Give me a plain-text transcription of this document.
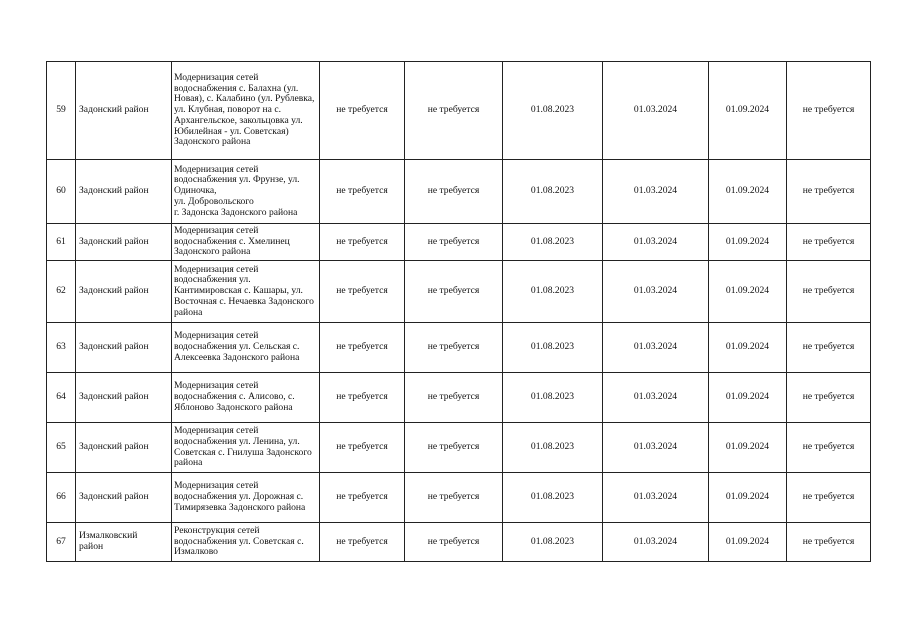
59	Задонский район	Модернизация сетей водоснабжения с. Балахна (ул. Новая), с. Калабино (ул. Рублевка, ул. Клубная, поворот на с. Архангельское, закольцовка ул. Юбилейная - ул. Советская) Задонского района	не требуется	не требуется	01.08.2023	01.03.2024	01.09.2024	не требуется
60	Задонский район	Модернизация сетей водоснабжения ул. Фрунзе, ул. Одиночка,
ул. Добровольского
г. Задонска Задонского района	не требуется	не требуется	01.08.2023	01.03.2024	01.09.2024	не требуется
61	Задонский район	Модернизация сетей водоснабжения с. Хмелинец Задонского района	не требуется	не требуется	01.08.2023	01.03.2024	01.09.2024	не требуется
62	Задонский район	Модернизация сетей водоснабжения ул. Кантимировская с. Кашары, ул. Восточная с. Нечаевка Задонского района	не требуется	не требуется	01.08.2023	01.03.2024	01.09.2024	не требуется
63	Задонский район	Модернизация сетей водоснабжения ул. Сельская с. Алексеевка Задонского района	не требуется	не требуется	01.08.2023	01.03.2024	01.09.2024	не требуется
64	Задонский район	Модернизация сетей водоснабжения с. Алисово, с. Яблоново Задонского района	не требуется	не требуется	01.08.2023	01.03.2024	01.09.2024	не требуется
65	Задонский район	Модернизация сетей водоснабжения ул. Ленина, ул. Советская с. Гнилуша Задонского района	не требуется	не требуется	01.08.2023	01.03.2024	01.09.2024	не требуется
66	Задонский район	Модернизация сетей водоснабжения ул. Дорожная с. Тимирязевка Задонского района	не требуется	не требуется	01.08.2023	01.03.2024	01.09.2024	не требуется
67	Измалковский
район	Реконструкция сетей водоснабжения ул. Советская с. Измалково	не требуется	не требуется	01.08.2023	01.03.2024	01.09.2024	не требуется
